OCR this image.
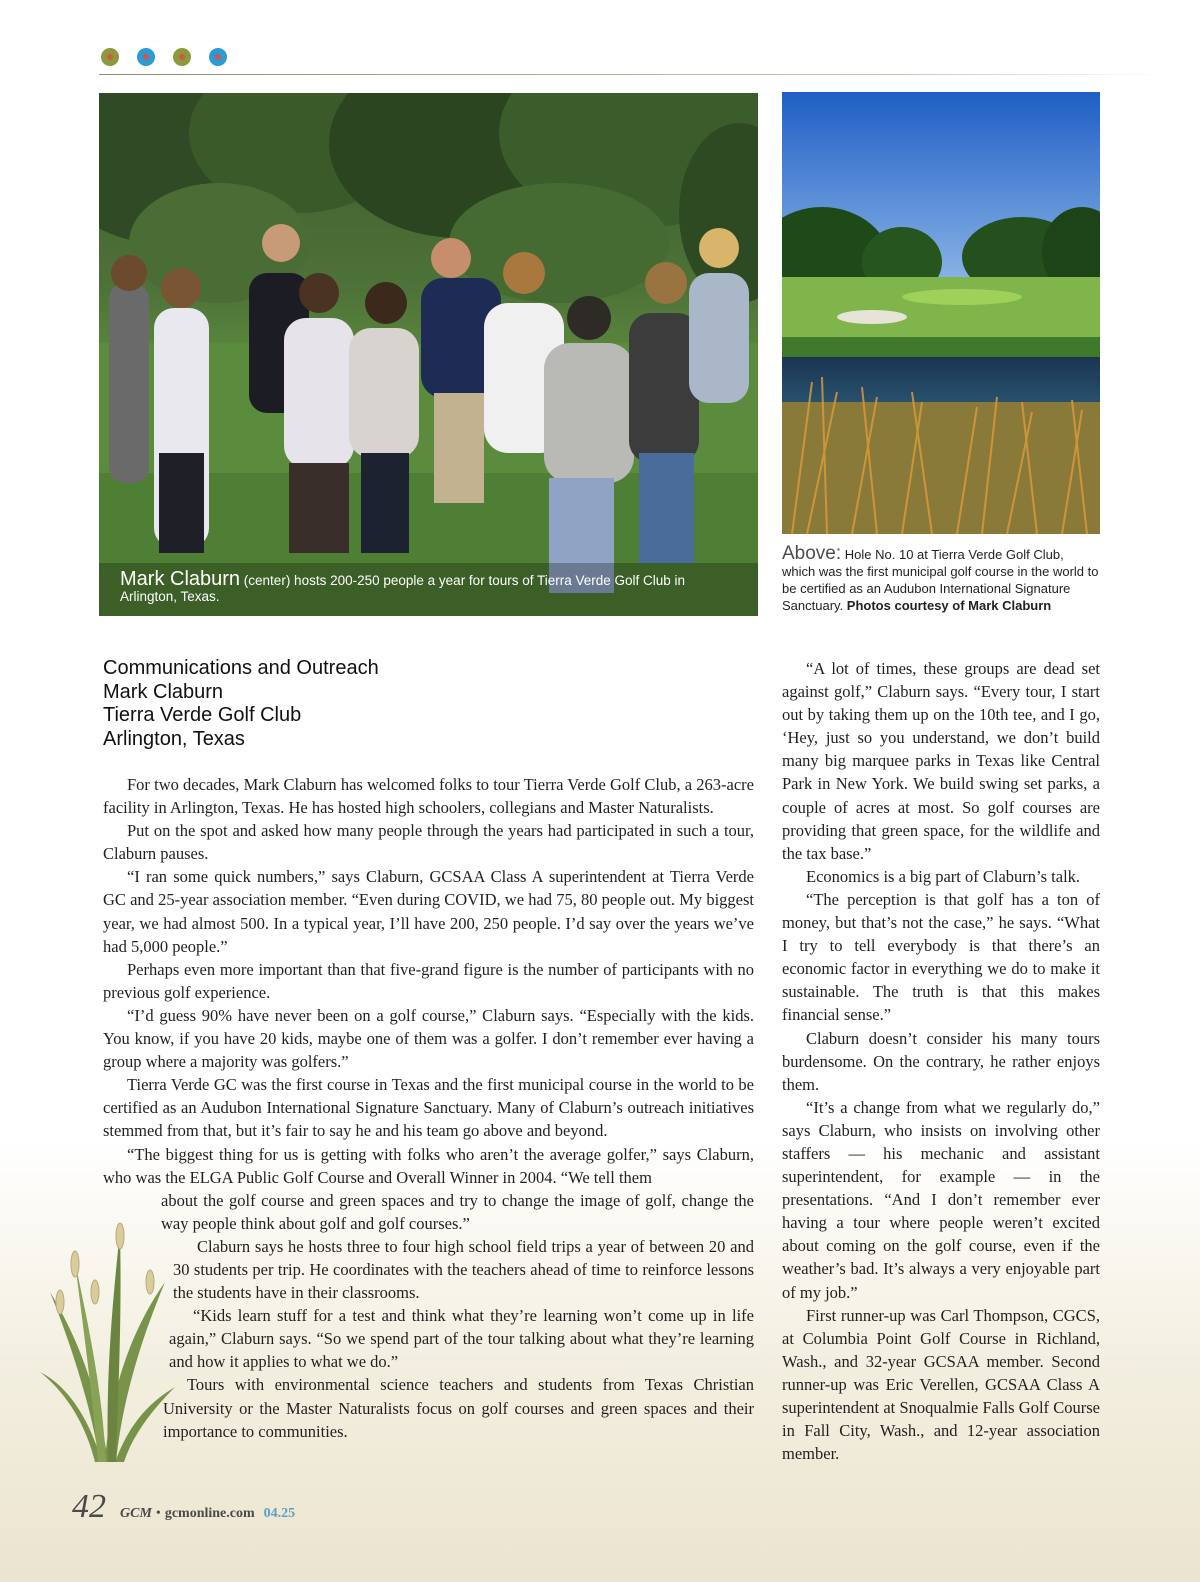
Mark Claburn (center) hosts 200-250 people a year for tours of Tierra Verde Golf Club in Arlington, Texas.
Above: Hole No. 10 at Tierra Verde Golf Club, which was the first municipal golf course in the world to be certified as an Audubon International Signature Sanctuary. Photos courtesy of Mark Claburn
Communications and Outreach
Mark Claburn
Tierra Verde Golf Club
Arlington, Texas

For two decades, Mark Claburn has welcomed folks to tour Tierra Verde Golf Club, a 263-acre facility in Arlington, Texas. He has hosted high schoolers, collegians and Master Naturalists.

Put on the spot and asked how many people through the years had participated in such a tour, Claburn pauses.

“I ran some quick numbers,” says Claburn, GCSAA Class A superintendent at Tierra Verde GC and 25-year association member. “Even during COVID, we had 75, 80 people out. My biggest year, we had almost 500. In a typical year, I’ll have 200, 250 people. I’d say over the years we’ve had 5,000 people.”

Perhaps even more important than that five-grand figure is the number of participants with no previous golf experience.

“I’d guess 90% have never been on a golf course,” Claburn says. “Especially with the kids. You know, if you have 20 kids, maybe one of them was a golfer. I don’t remember ever having a group where a majority was golfers.”

Tierra Verde GC was the first course in Texas and the first municipal course in the world to be certified as an Audubon International Signature Sanctuary. Many of Claburn’s outreach initiatives stemmed from that, but it’s fair to say he and his team go above and beyond.

“The biggest thing for us is getting with folks who aren’t the average golfer,” says Claburn, who was the ELGA Public Golf Course and Overall Winner in 2004. “We tell them

about the golf course and green spaces and try to change the image of golf, change the way people think about golf and golf courses.”

Claburn says he hosts three to four high school field trips a year of between 20 and 30 students per trip. He coordinates with the teachers ahead of time to reinforce lessons the students have in their classrooms.

“Kids learn stuff for a test and think what they’re learning won’t come up in life again,” Claburn says. “So we spend part of the tour talking about what they’re learning and how it applies to what we do.”

Tours with environmental science teachers and students from Texas Christian University or the Master Naturalists focus on golf courses and green spaces and their importance to communities.

“A lot of times, these groups are dead set against golf,” Claburn says. “Every tour, I start out by taking them up on the 10th tee, and I go, ‘Hey, just so you understand, we don’t build many big marquee parks in Texas like Central Park in New York. We build swing set parks, a couple of acres at most. So golf courses are providing that green space, for the wildlife and the tax base.”

Economics is a big part of Claburn’s talk.

“The perception is that golf has a ton of money, but that’s not the case,” he says. “What I try to tell everybody is that there’s an economic factor in everything we do to make it sustainable. The truth is that this makes financial sense.”

Claburn doesn’t consider his many tours burdensome. On the contrary, he rather enjoys them.

“It’s a change from what we regularly do,” says Claburn, who insists on involving other staffers — his mechanic and assistant superintendent, for example — in the presentations. “And I don’t remember ever having a tour where people weren’t excited about coming on the golf course, even if the weather’s bad. It’s always a very enjoyable part of my job.”

First runner-up was Carl Thompson, CGCS, at Columbia Point Golf Course in Richland, Wash., and 32-year GCSAA member. Second runner-up was Eric Verellen, GCSAA Class A superintendent at Snoqualmie Falls Golf Course in Fall City, Wash., and 12-year association member.

42 GCM • gcmonline.com 04.25
